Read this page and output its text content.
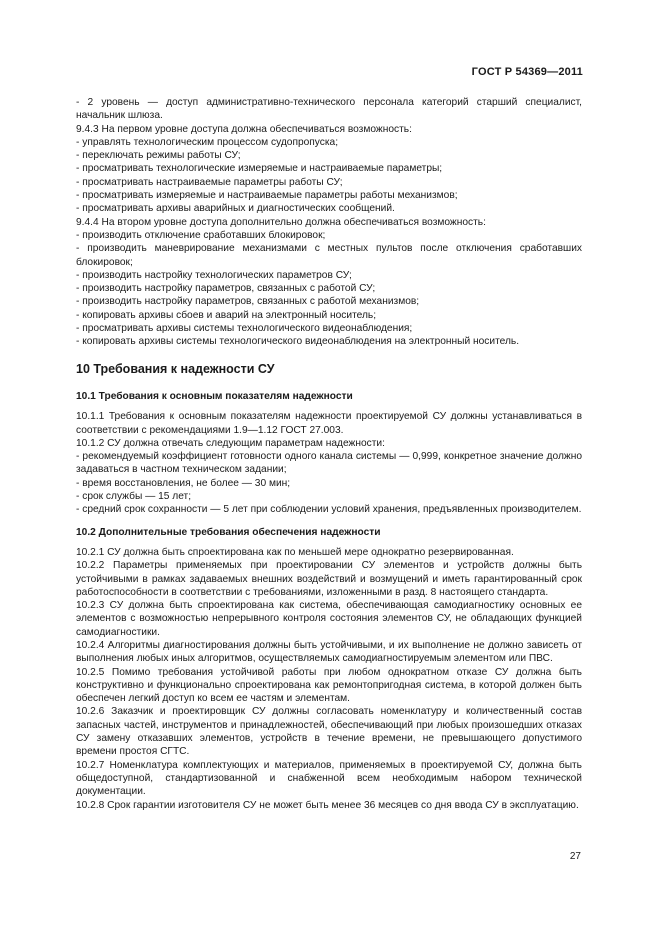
ГОСТ Р 54369—2011

- 2 уровень — доступ административно-технического персонала категорий старший специалист, начальник шлюза.

9.4.3 На первом уровне доступа должна обеспечиваться возможность:

- управлять технологическим процессом судопропуска;

- переключать режимы работы СУ;

- просматривать технологические измеряемые и настраиваемые параметры;

- просматривать настраиваемые параметры работы СУ;

- просматривать измеряемые и настраиваемые параметры работы механизмов;

- просматривать архивы аварийных и диагностических сообщений.

9.4.4 На втором уровне доступа дополнительно должна обеспечиваться возможность:

- производить отключение сработавших блокировок;

- производить маневрирование механизмами с местных пультов после отключения сработавших блокировок;

- производить настройку технологических параметров СУ;

- производить настройку параметров, связанных с работой СУ;

- производить настройку параметров, связанных с работой механизмов;

- копировать архивы сбоев и аварий на электронный носитель;

- просматривать архивы системы технологического видеонаблюдения;

- копировать архивы системы технологического видеонаблюдения на электронный носитель.

10 Требования к надежности СУ

10.1 Требования к основным показателям надежности

10.1.1 Требования к основным показателям надежности проектируемой СУ должны устанавливаться в соответствии с рекомендациями 1.9—1.12 ГОСТ 27.003.

10.1.2 СУ должна отвечать следующим параметрам надежности:

- рекомендуемый коэффициент готовности одного канала системы — 0,999, конкретное значение должно задаваться в частном техническом задании;

- время восстановления, не более — 30 мин;

- срок службы — 15 лет;

- средний срок сохранности — 5 лет при соблюдении условий хранения, предъявленных производителем.

10.2 Дополнительные требования обеспечения надежности

10.2.1 СУ должна быть спроектирована как по меньшей мере однократно резервированная.

10.2.2 Параметры применяемых при проектировании СУ элементов и устройств должны быть устойчивыми в рамках задаваемых внешних воздействий и возмущений и иметь гарантированный срок работоспособности в соответствии с требованиями, изложенными в разд. 8 настоящего стандарта.

10.2.3 СУ должна быть спроектирована как система, обеспечивающая самодиагностику основных ее элементов с возможностью непрерывного контроля состояния элементов СУ, не обладающих функцией самодиагностики.

10.2.4 Алгоритмы диагностирования должны быть устойчивыми, и их выполнение не должно зависеть от выполнения любых иных алгоритмов, осуществляемых самодиагностируемым элементом или ПВС.

10.2.5 Помимо требования устойчивой работы при любом однократном отказе СУ должна быть конструктивно и функционально спроектирована как ремонтопригодная система, в которой должен быть обеспечен легкий доступ ко всем ее частям и элементам.

10.2.6 Заказчик и проектировщик СУ должны согласовать номенклатуру и количественный состав запасных частей, инструментов и принадлежностей, обеспечивающий при любых произошедших отказах СУ замену отказавших элементов, устройств в течение времени, не превышающего допустимого времени простоя СГТС.

10.2.7 Номенклатура комплектующих и материалов, применяемых в проектируемой СУ, должна быть общедоступной, стандартизованной и снабженной всем необходимым набором технической документации.

10.2.8 Срок гарантии изготовителя СУ не может быть менее 36 месяцев со дня ввода СУ в эксплуатацию.

27
